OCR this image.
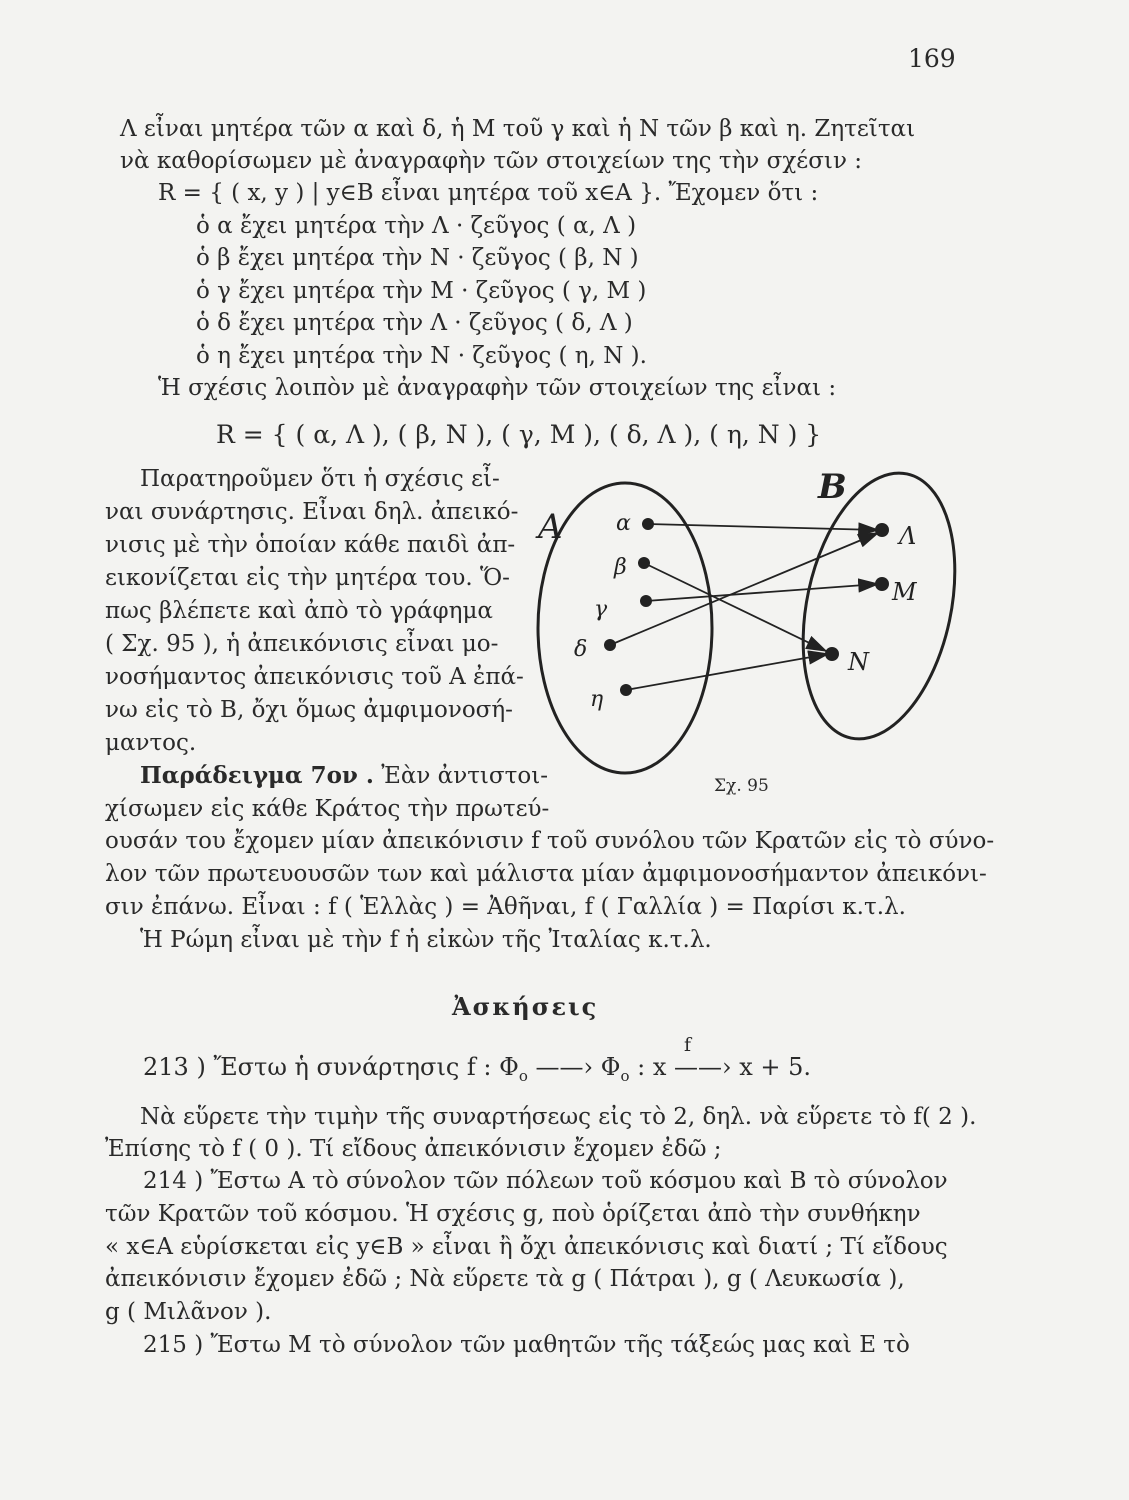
169
Λ εἶναι μητέρα τῶν α καὶ δ, ἡ Μ τοῦ γ καὶ ἡ Ν τῶν β καὶ η. Ζητεῖται
νὰ καθορίσωμεν μὲ ἀναγραφὴν τῶν στοιχείων της τὴν σχέσιν :
R = { ( x, y ) | y∈B εἶναι μητέρα τοῦ x∈A }. Ἔχομεν ὅτι :
ὁ α ἔχει μητέρα τὴν Λ · ζεῦγος ( α, Λ )
ὁ β ἔχει μητέρα τὴν Ν · ζεῦγος ( β, Ν )
ὁ γ ἔχει μητέρα τὴν Μ · ζεῦγος ( γ, Μ )
ὁ δ ἔχει μητέρα τὴν Λ · ζεῦγος ( δ, Λ )
ὁ η ἔχει μητέρα τὴν Ν · ζεῦγος ( η, Ν ).
Ἡ σχέσις λοιπὸν μὲ ἀναγραφὴν τῶν στοιχείων της εἶναι :
R = { ( α, Λ ), ( β, Ν ), ( γ, Μ ), ( δ, Λ ), ( η, Ν ) }
Παρατηροῦμεν ὅτι ἡ σχέσις εἶ-
ναι συνάρτησις. Εἶναι δηλ. ἀπεικό-
νισις μὲ τὴν ὁποίαν κάθε παιδὶ ἀπ-
εικονίζεται εἰς τὴν μητέρα του. Ὅ-
πως βλέπετε καὶ ἀπὸ τὸ γράφημα
( Σχ. 95 ), ἡ ἀπεικόνισις εἶναι μο-
νοσήμαντος ἀπεικόνισις τοῦ Α ἐπά-
νω εἰς τὸ Β, ὄχι ὅμως ἀμφιμονοσή-
μαντος.
Παράδειγμα 7ον . Ἐὰν ἀντιστοι-
χίσωμεν εἰς κάθε Κράτος τὴν πρωτεύ-
ουσάν του ἔχομεν μίαν ἀπεικόνισιν f τοῦ συνόλου τῶν Κρατῶν εἰς τὸ σύνο-
λον τῶν πρωτευουσῶν των καὶ μάλιστα μίαν ἀμφιμονοσήμαντον ἀπεικόνι-
σιν ἐπάνω. Εἶναι : f ( Ἑλλὰς ) = Ἀθῆναι, f ( Γαλλία ) = Παρίσι κ.τ.λ.
Ἡ Ρώμη εἶναι μὲ τὴν f ἡ εἰκὼν τῆς Ἰταλίας κ.τ.λ.
A
B
α
β
γ
δ
η
Λ
Μ
Ν
Σχ. 95
Ἀσκήσεις
213 ) Ἔστω ἡ συνάρτησις f : $\Phi_o$ ——› $\Phi_o$ : x
f
——› x + 5.
Νὰ εὕρετε τὴν τιμὴν τῆς συναρτήσεως εἰς τὸ 2, δηλ. νὰ εὕρετε τὸ f( 2 ).
Ἐπίσης τὸ f ( 0 ). Τί εἴδους ἀπεικόνισιν ἔχομεν ἐδῶ ;
214 ) Ἔστω Α τὸ σύνολον τῶν πόλεων τοῦ κόσμου καὶ Β τὸ σύνολον
τῶν Κρατῶν τοῦ κόσμου. Ἡ σχέσις g, ποὺ ὁρίζεται ἀπὸ τὴν συνθήκην
« x∈A εὑρίσκεται εἰς y∈B » εἶναι ἢ ὄχι ἀπεικόνισις καὶ διατί ; Τί εἴδους
ἀπεικόνισιν ἔχομεν ἐδῶ ; Νὰ εὕρετε τὰ g ( Πάτραι ), g ( Λευκωσία ),
g ( Μιλᾶνον ).
215 ) Ἔστω Μ τὸ σύνολον τῶν μαθητῶν τῆς τάξεώς μας καὶ Ε τὸ
